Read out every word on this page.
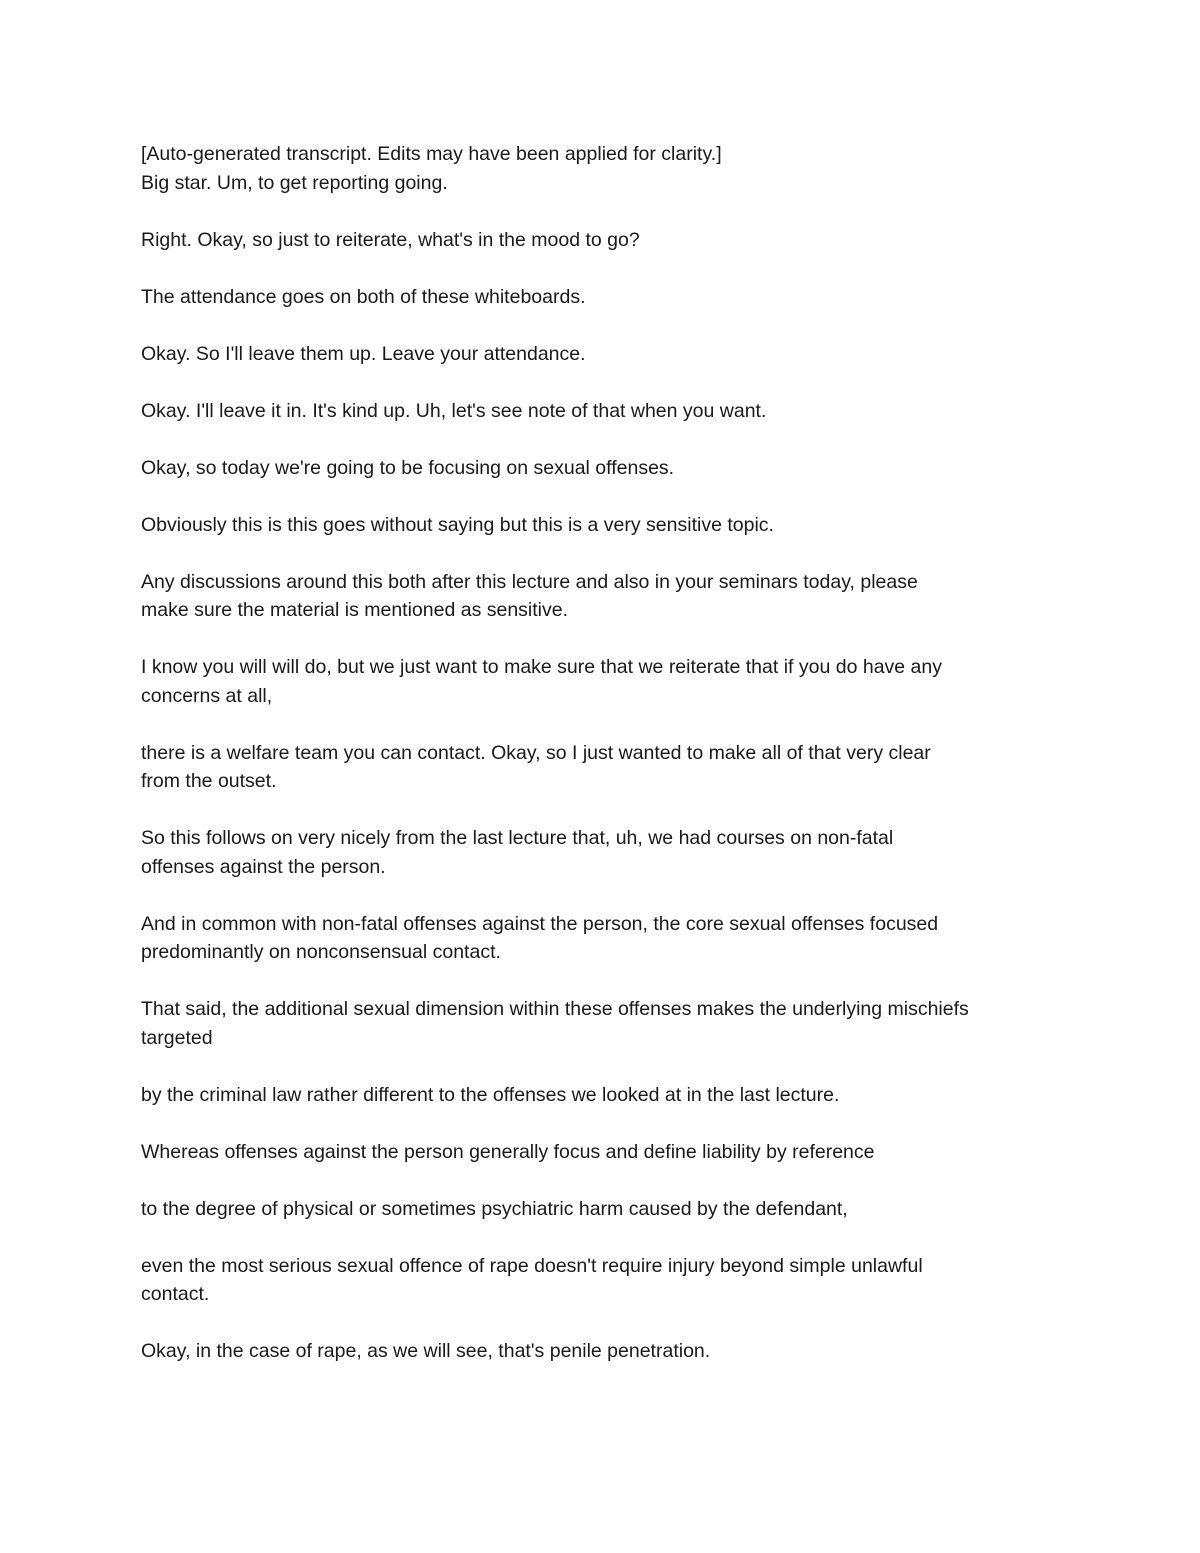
[Auto-generated transcript. Edits may have been applied for clarity.]
Big star. Um, to get reporting going.

Right. Okay, so just to reiterate, what's in the mood to go?

The attendance goes on both of these whiteboards.

Okay. So I'll leave them up. Leave your attendance.

Okay. I'll leave it in. It's kind up. Uh, let's see note of that when you want.

Okay, so today we're going to be focusing on sexual offenses.

Obviously this is this goes without saying but this is a very sensitive topic.

Any discussions around this both after this lecture and also in your seminars today, please
make sure the material is mentioned as sensitive.

I know you will will do, but we just want to make sure that we reiterate that if you do have any
concerns at all,

there is a welfare team you can contact. Okay, so I just wanted to make all of that very clear
from the outset.

So this follows on very nicely from the last lecture that, uh, we had courses on non-fatal
offenses against the person.

And in common with non-fatal offenses against the person, the core sexual offenses focused
predominantly on nonconsensual contact.

That said, the additional sexual dimension within these offenses makes the underlying mischiefs
targeted

by the criminal law rather different to the offenses we looked at in the last lecture.

Whereas offenses against the person generally focus and define liability by reference

to the degree of physical or sometimes psychiatric harm caused by the defendant,

even the most serious sexual offence of rape doesn't require injury beyond simple unlawful
contact.

Okay, in the case of rape, as we will see, that's penile penetration.
